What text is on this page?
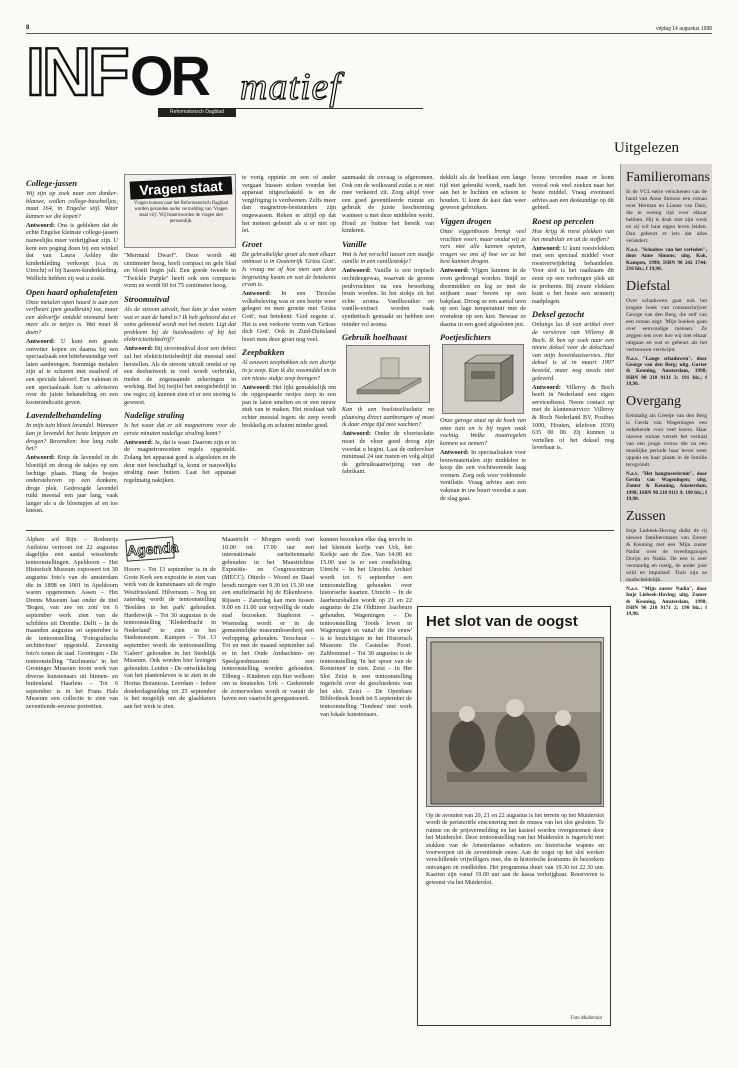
8	vrijdag 14 augustus 1998
INF OR matief
Reformatorisch Dagblad
Uitgelezen
College-jassen

Wij zijn op zoek naar een donker-blauwe, wollen college-baseballjas, maat 164, in Engelse stijl. Waar kunnen we die kopen?

Antwoord: Ons is gebleken dat de echte Engelse kleinste college-jassen nauwelijks meer verkrijgbaar zijn. U kent een poging doen bij een winkel dat van Laura Ashley die kinderkleding verkoopt (o.a. in Utrecht) of bij Sassen-kinderkleding. Wellicht hebben zij wat u zoekt.

Open haard ophaletafeten

Onze metalen open haard is aan een verfbeurt (pen goudbruin) toe, maar een dekverfje ontdekt niemand hem meer als ie netjes is. Wat moet ik doen?

Antwoord: U kunt een goede ontvetter kopen en daarna bij een speciaalzaak een hittebestendige verf laten aanbrengen. Sommige metalen zijn af te schuren met staalwol of een speciale lakverf. Een vakman in een speciaalzaak kan u adviseren over de juiste behandeling en een kostenindicatie geven.

Lavendelbehandeling

In mijn tuin bloeit lavendel. Wanneer kan je lavendel het beste knippen en drogen? Bovendien: hoe lang ruikt het?

Antwoord: Knip de lavendel in de bloeitijd en droog de takjes op een luchtige plaats. Hang de bosjes ondersteboven op een donkere, droge plek. Gedroogde lavendel ruikt meestal een jaar lang, vaak langer als u de bloempjes af en toe kneust.

Vragen staat vrij
Vragen kunnen naar het Reformatorisch Dagblad worden gezonden onder vermelding van 'Vragen staat vrij'. Wij beantwoorden de vragen niet persoonlijk.

"Mermaid Dwarf". Deze wordt 48 centimeter hoog, heeft compact en gele blad en bloeit begin juli. Een goede tweede in "Twickle Purple" heeft ook een compacte vorm en wordt 60 tot 75 centimeter hoog.

Stroomuitval

Als de stroom uitvalt, hoe kan je dan weten wat er aan de hand is? Ik heb gehoord dat er soms geknoeid wordt met het meten. Ligt dat probleem bij de huishoudens of bij het elektriciteitsbedrijf?

Antwoord: Bij stroomuitval door een defect zal het elektriciteitsbedrijf dat meestal snel herstellen. Als de stroom uitvalt omdat er op een deelnetwerk te veel wordt verbruikt, treden de zogenaamde zekeringen in werking. Bel bij twijfel het energiebedrijf in uw regio; zij kunnen zien of er een storing is geweest.

Nadelige straling

Is het waar dat er uit magnetrons voor de eerste minuten nadelige straling komt?

Antwoord: Ja, dat is waar. Daarom zijn er in de magnetronwetten regels opgesteld. Zolang het apparaat goed is afgesloten en de deur niet beschadigd is, komt er nauwelijks straling naar buiten. Laat het apparaat regelmatig nakijken.

te vorig oppinie en een of ander vergaan bussen stoken voordat het apparaat uitgeschakeld is en de vergiftiging is verdwenen. Zelfs meer dan magnetron-bestuurders zijn ongewassen. Reken er altijd op dat het meteen gebeurt als u er niet op let.

Groet

De gebruikelijke groet als men elkaar ontmoet is in Oostenrijk 'Grüss Gott'. Is vraag me af hoe men aan deze begroeting kwam en wat de betekenis ervan is.

Antwoord: In een Tiroolse volksbeleving was er een beetje weer gelegen en men groette met 'Grüss Gott', wat betekent: 'God zegene u'. Het is een verkorte vorm van 'Grüsse dich Gott'. Ook in Zuid-Duitsland hoort men deze groet nog veel.

Zeepbakken

Al eeuwen zeepbakken als een diertje in je zeep. Kan ik die wasmiddel en in een nieuw stukje zeep brengen?

Antwoord: Het lijkt gemakkelijk om de opgespaarde restjes zeep in een pan te laten smelten en er een nieuw stuk van te maken. Het resultaat valt echter meestal tegen: de zeep wordt brokkelig en schuimt minder goed.

aanmaakt de oxvaag is afgenomen. Ook om de wolkwand zodat u er niet mee verkeerd zit. Zorg altijd voor een goed geventileerde ruimte en gebruik de juiste bescherming wanneer u met deze middelen werkt. Houd ze buiten het bereik van kinderen.

Vanille

Wat is het verschil tussen een staafje vanille in een vanillestokje?

Antwoord: Vanille is een tropisch orchideegewas, waarvan de groene peulvruchten na een bewerking bruin worden. In het stokje zit het echte aroma. Vanillesuiker en vanille-extract worden vaak synthetisch gemaakt en hebben een minder vol aroma.

Gebruik hoelhaast

Kan ik een hoelstoelisolatie na plaatsing direct aanbrengen of moet ik daar enige tijd mee wachten?

Antwoord: Onder de vloerisolatie moet de vloer goed droog zijn voordat u begint. Laat de ondervloer minimaal 24 uur rusten en volg altijd de gebruiksaanwijzing van de fabrikant.

dekkilt als de hoelkast een lange tijd niet gebruikt wordt, raadt het aan het te luchten en schoon te houden. U kunt de kast dan weer gewoon gebruiken.

Viggen drogen

Onze viggenboom brengt veel vruchten voort, maar omdat wij ze vers niet alle kunnen opeten, vragen we ons af hoe we ze het best kunnen drogen.

Antwoord: Vijgen kunnen in de oven gedroogd worden. Snijd ze doormidden en leg ze met de snijkant naar boven op een bakplaat. Droog ze een aantal uren op een lage temperatuur met de ovendeur op een kier. Bewaar ze daarna in een goed afgesloten pot.

Poetjeslichters

Onze garage staat op de hoek van onze tuin en is bij regen vaak vochtig. Welke maatregelen kunnen we nemen?

Antwoord: In speciaalzaken voor bouwmaterialen zijn middelen te koop die een vochtwerende laag vormen. Zorg ook voor voldoende ventilatie. Vraag advies aan een vakman in uw buurt voordat u aan de slag gaat.

bouw tevreden maar er komt vooral ook veel zoeken naar het beste middel. Vraag eventueel advies aan een deskundige op dit gebied.

Roest op percelen

Hoe krijg ik roest plekken van het meubilair en uit de stoffen?

Antwoord: U kunt roestvlekken met een speciaal middel voor roestverwijdering behandelen. Voor stof is het raadzaam dit eerst op een verborgen plek uit te proberen. Bij zware vlekken kunt u het beste een stomerij raadplegen.

Deksel gezocht

Onlangs las ik van artikel over de versieren van Villeroy & Boch. Ik ben op zoek naar een nieuw deksel voor de dekschaal van mijn bovenkastservies. Het deksel is al in maart 1997 besteld, maar nog steeds niet geleverd.

Antwoord: Villeroy & Boch heeft in Nederland een eigen servicedienst. Neem contact op met de klantenservice: Villeroy & Boch Nederland BV, Postbus 1000, Houten, telefoon (030) 635 00 00. Zij kunnen u vertellen of het deksel nog leverbaar is.

Familieromans

In de VCL-serie verschenen van de hand van Anne Simons een roman over Herman en Lianne van Dam, die te weinig tijd voor elkaar hebben. Hij is druk met zijn werk en zij wil haar eigen leven leiden. Dan gebeurt er iets dat alles verandert.

N.a.v. "Schaduw van het verleden", door Anne Simons; uitg. Kok, Kampen, 1998; ISBN 90 242 1744; 216 blz.; f 19,90.
Diefstal

Over schaduwen gaat ook het jongste boek van romanschrijver George van den Berg, die zelf van een roman zegt: 'Mijn boeken gaan over eenvoudige mensen.' Ze zeggen iets over hoe wij met elkaar omgaan en wat er gebeurt als het vertrouwen verdwijnt.

N.a.v. "Lange schaduwen", door George van den Berg; uitg. Gorter & Kenning, Amsterdam, 1998; ISBN 90 210 9131 3; 191 blz.; f 19,90.
Overgang

Eenmalig als Greetje van den Berg is Gerda van Wageningen een onbekende voor veel lezers. Haar nieuwe roman vertelt het verhaal van een jonge vrouw die na een moeilijke periode haar leven weer oppakt en haar plaats in de familie terugvindt.

N.a.v. "Het hangmeerbruin", door Gerda van Wageningen; uitg. Zomer & Keuning, Amsterdam, 1998; ISBN 90 210 9111 9; 190 blz.; f 19,90.
Zussen

Imje Liebeek-Hoving duikt de rij nieuwe familieromans van Zomer & Keuning met een 'Mijn zuster Nadia' over de tweelingzusjes Dorijn en Nadia. De een is zeer verstandig en rustig, de ander juist wild en impulsief. Toch zijn ze onafscheidelijk.

N.a.v. "Mijn zuster Nadia", door Imje Liebeek-Hoving; uitg. Zomer & Keuning, Amsterdam, 1998; ISBN 90 210 9171 2; 190 blz.; f 19,90.
Agenda

Alphen a/d Rijn – Rodenrijs Anilotou vertoont tot 22 augustus dagelijks een aantal wisselende tentoonstellingen. Apeldoorn – Het Historisch Museum exposeert tot 30 augustus foto's van de amsterdam die in 1898 en 1901 in Apeldoorn waren opgenomen. Assen – Het Drents Museum laat onder de titel 'Bogen, van zee en zon' tot 6 september werk zien van de schilders uit Drenthe. Delft – In de maanden augustus en september is de tentoonstelling 'Fotografische architectuur' opgesteld. Zeventig foto's tonen de stad. Groningen – De tentoonstelling 'Tatzlmania' in het Groninger Museum toont werk van diverse kunstenaars uit binnen- en buitenland. Haarlem – Tot 6 september is in het Frans Hals Museum een collectie te zien van zeventiende-eeuwse portretten.

Hoorn – Tot 13 september is in de Grote Kerk een expositie te zien van werk van de kunstenaars uit de regio Westfriesland. Hilversum – Nog tot zaterdag wordt de tentoonstelling 'Beelden in het park' gehouden. Harderwijk – Tot 30 augustus is de tentoonstelling 'Klederdracht in Nederland' te zien in het Stadsmuseum. Kampen – Tot 13 september wordt de tentoonstelling 'Gaberi' gehouden in het Stedelijk Museum. Ook worden hier lezingen gehouden. Leiden – De ontwikkeling van het plantenleven is te zien in de Hortus Botanicus. Leerdam – Iedere donderdagmiddag tot 25 september is het mogelijk om de glasblazers aan het werk te zien.

Maastricht – Morgen wordt van 10.00 tot 17.00 uur een internationale rariteitenmarkt gehouden in het Maastrichtse Expositie- en Congrescentrum (MECC). Otterlo – Woord en Daad houdt morgen van 9.30 tot 15.30 uur een snuffelmarkt bij de Eikenhoeve. Rijssen – Zaterdag kan men tussen 9.00 en 11.00 uur vrijwillig de oude stad bezoeken. Staphorst – Woensdag wordt er in de gemeentelijke museumboerderij een verlopping gehouden. Terschuur – Tot en met de maand september zal er in het Oude Ambachten- en Speelgoedmuseum een tentoonstelling worden gehouden. Tilburg – Kinderen zijn hier welkom om te knutselen. Urk – Gedurende de zomerweken wordt er vanuit de haven een vaartocht georganiseerd.

kunnen bezoeken elke dag terecht in het kleinste korfje van Urk, het Kerkje aan de Zee. Van 14.00 tot 15.00 uur is er een rondleiding. Utrecht – In het Utrechts Archief wordt tot 6 september een tentoonstelling gehouden over historische kaarten. Utrecht – In de Jaarbeurshallen wordt op 21 en 22 augustus de 23e Oldtimer Jaarbeurs gehouden. Wageningen – De tentoonstelling 'Joods leven in Wageningen en vanaf de 16e eeuw' is te bezichtigen in het Historisch Museum De Casteelse Poort. Zaltbommel – Tot 30 augustus is de tentoonstelling 'In het spoor van de Romeinen' te zien. Zeist – In Het Slot Zeist is een tentoonstelling ingericht over de geschiedenis van het slot. Zeist – De Openbare Bibliotheek houdt tot 6 september de tentoonstelling 'Tendens' met werk van lokale kunstenaars.

Het slot van de oogst
Op de avonden van 20, 21 en 22 augustus is het terrein op het Muiderslot wordt de peristeriële enscenering met de musea van het slot gesloten. Te ruimte en de prijsvermelding en het kasteel worden overgenomen door het Muiderslot. Deze tentoonstelling van het Muiderslot is ingericht met stukken van de Amsterdamse schutters en historische wapens en voorwerpen uit de zeventiende eeuw. Aan de oogst op het slot werken verschillende vrijwilligers mee, die in historische kostuums de bezoekers ontvangen en rondleiden. Het programma duurt van 19.30 tot 22.30 uur. Kaarten zijn vanaf 19.00 uur aan de kassa verkrijgbaar. Reserveren is gewenst via het Muiderslot.
Foto Muiderslot
